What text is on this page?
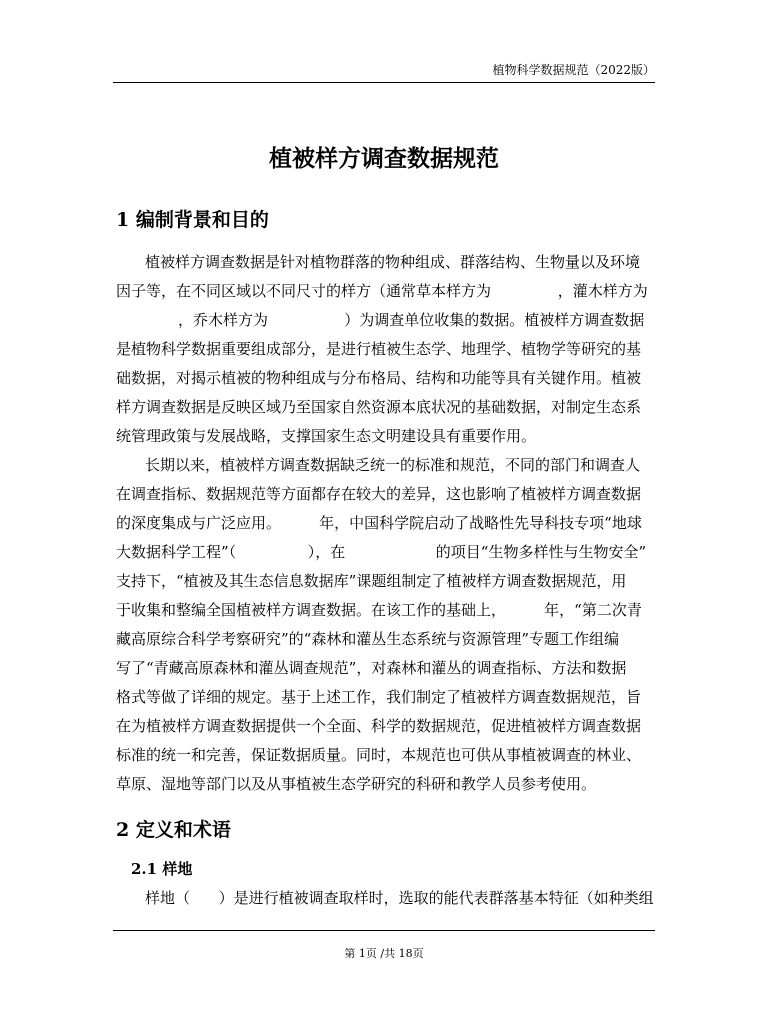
植物科学数据规范（2022版）
植被样方调查数据规范
1 编制背景和目的
植被样方调查数据是针对植物群落的物种组成、群落结构、生物量以及环境
因子等，在不同区域以不同尺寸的样方（通常草本样方为              ，灌木样方为
，乔木样方为                ）为调查单位收集的数据。植被样方调查数据
是植物科学数据重要组成部分，是进行植被生态学、地理学、植物学等研究的基
础数据，对揭示植被的物种组成与分布格局、结构和功能等具有关键作用。植被
样方调查数据是反映区域乃至国家自然资源本底状况的基础数据，对制定生态系
统管理政策与发展战略，支撑国家生态文明建设具有重要作用。
长期以来，植被样方调查数据缺乏统一的标准和规范，不同的部门和调查人
在调查指标、数据规范等方面都存在较大的差异，这也影响了植被样方调查数据
的深度集成与广泛应用。        年，中国科学院启动了战略性先导科技专项“地球
大数据科学工程”（               ），在                   的项目“生物多样性与生物安全”
支持下，“植被及其生态信息数据库”课题组制定了植被样方调查数据规范，用
于收集和整编全国植被样方调查数据。在该工作的基础上，        年，“第二次青
藏高原综合科学考察研究”的“森林和灌丛生态系统与资源管理”专题工作组编
写了“青藏高原森林和灌丛调查规范”，对森林和灌丛的调查指标、方法和数据
格式等做了详细的规定。基于上述工作，我们制定了植被样方调查数据规范，旨
在为植被样方调查数据提供一个全面、科学的数据规范，促进植被样方调查数据
标准的统一和完善，保证数据质量。同时，本规范也可供从事植被调查的林业、
草原、湿地等部门以及从事植被生态学研究的科研和教学人员参考使用。
2 定义和术语
2.1 样地
样地（      ）是进行植被调查取样时，选取的能代表群落基本特征（如种类组
第 1页 /共 18页
